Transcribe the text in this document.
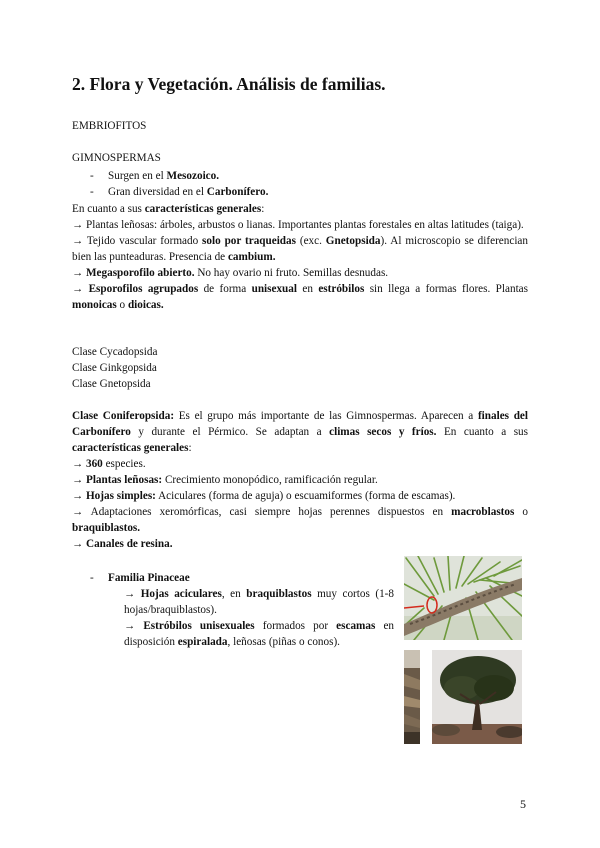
2. Flora y Vegetación. Análisis de familias.

EMBRIOFITOS

GIMNOSPERMAS

- Surgen en el Mesozoico.
- Gran diversidad en el Carbonífero.
En cuanto a sus características generales:
→ Plantas leñosas: árboles, arbustos o lianas. Importantes plantas forestales en altas latitudes (taiga).
→ Tejido vascular formado solo por traqueidas (exc. Gnetopsida). Al microscopio se diferencian bien las punteaduras. Presencia de cambium.
→ Megasporofilo abierto. No hay ovario ni fruto. Semillas desnudas.
→ Esporofilos agrupados de forma unisexual en estróbilos sin llega a formas flores. Plantas monoicas o dioicas.
Clase Cycadopsida
Clase Ginkgopsida
Clase Gnetopsida
Clase Coniferopsida: Es el grupo más importante de las Gimnospermas. Aparecen a finales del Carbonífero y durante el Pérmico. Se adaptan a climas secos y fríos. En cuanto a sus características generales:
→ 360 especies.
→ Plantas leñosas: Crecimiento monopódico, ramificación regular.
→ Hojas simples: Aciculares (forma de aguja) o escuamiformes (forma de escamas).
→ Adaptaciones xeromórficas, casi siempre hojas perennes dispuestos en macroblastos o braquiblastos.
→ Canales de resina.
- Familia Pinaceae
→ Hojas aciculares, en braquiblastos muy cortos (1-8 hojas/braquiblastos).
→ Estróbilos unisexuales formados por escamas en disposición espiralada, leñosas (piñas o conos).
5
